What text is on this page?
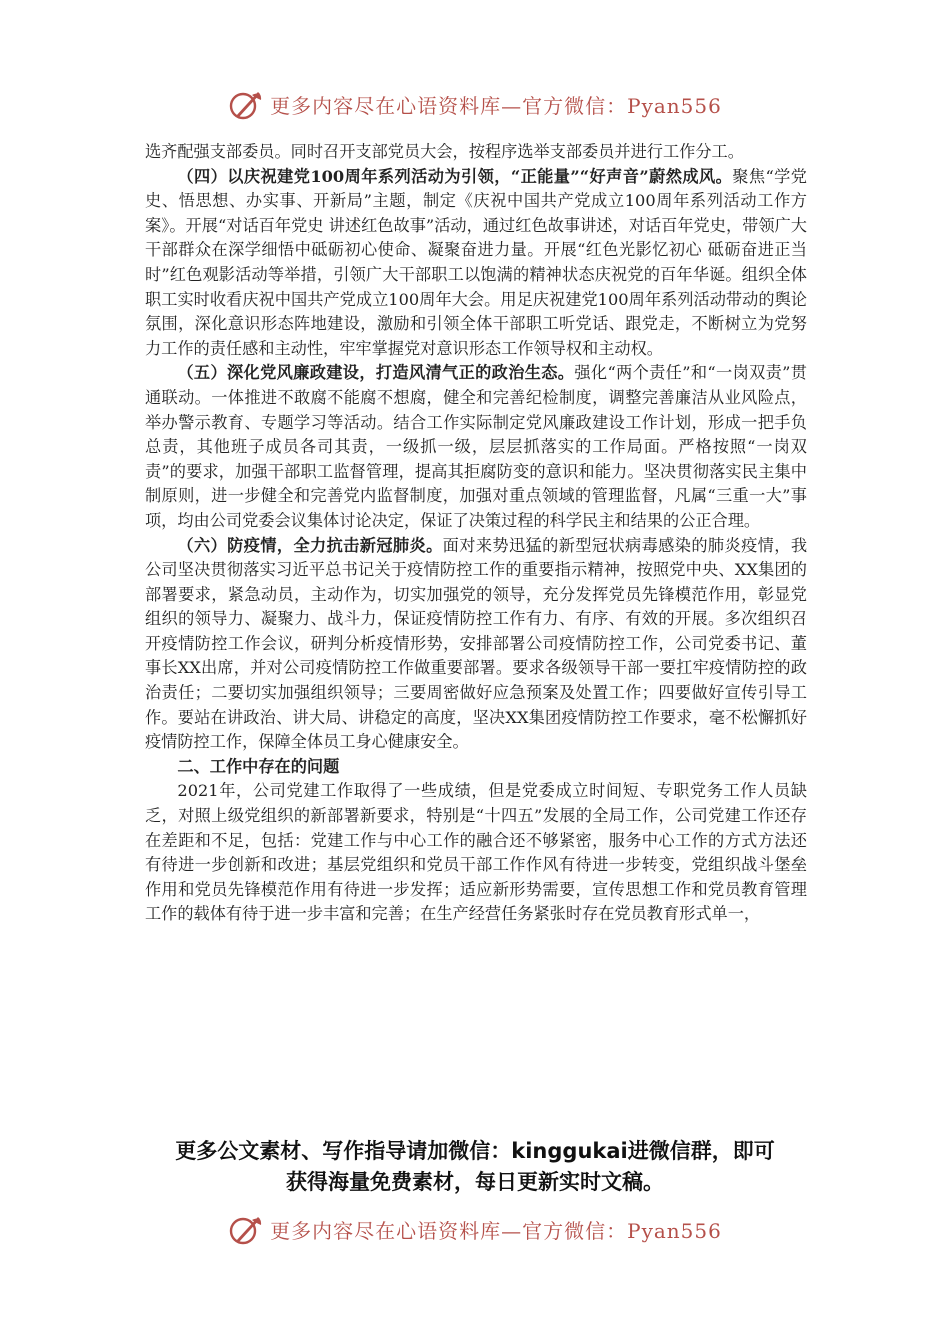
更多内容尽在心语资料库—官方微信：Pyan556

选齐配强支部委员。同时召开支部党员大会，按程序选举支部委员并进行工作分工。

（四）以庆祝建党100周年系列活动为引领，“正能量”“好声音”蔚然成风。聚焦“学党史、悟思想、办实事、开新局”主题，制定《庆祝中国共产党成立100周年系列活动工作方案》。开展“对话百年党史 讲述红色故事”活动，通过红色故事讲述，对话百年党史，带领广大干部群众在深学细悟中砥砺初心使命、凝聚奋进力量。开展“红色光影忆初心 砥砺奋进正当时”红色观影活动等举措，引领广大干部职工以饱满的精神状态庆祝党的百年华诞。组织全体职工实时收看庆祝中国共产党成立100周年大会。用足庆祝建党100周年系列活动带动的舆论氛围，深化意识形态阵地建设，激励和引领全体干部职工听党话、跟党走，不断树立为党努力工作的责任感和主动性，牢牢掌握党对意识形态工作领导权和主动权。

（五）深化党风廉政建设，打造风清气正的政治生态。强化“两个责任”和“一岗双责”贯通联动。一体推进不敢腐不能腐不想腐，健全和完善纪检制度，调整完善廉洁从业风险点，举办警示教育、专题学习等活动。结合工作实际制定党风廉政建设工作计划，形成一把手负总责，其他班子成员各司其责，一级抓一级，层层抓落实的工作局面。严格按照“一岗双责”的要求，加强干部职工监督管理，提高其拒腐防变的意识和能力。坚决贯彻落实民主集中制原则，进一步健全和完善党内监督制度，加强对重点领域的管理监督，凡属“三重一大”事项，均由公司党委会议集体讨论决定，保证了决策过程的科学民主和结果的公正合理。

（六）防疫情，全力抗击新冠肺炎。面对来势迅猛的新型冠状病毒感染的肺炎疫情，我公司坚决贯彻落实习近平总书记关于疫情防控工作的重要指示精神，按照党中央、XX集团的部署要求，紧急动员，主动作为，切实加强党的领导，充分发挥党员先锋模范作用，彰显党组织的领导力、凝聚力、战斗力，保证疫情防控工作有力、有序、有效的开展。多次组织召开疫情防控工作会议，研判分析疫情形势，安排部署公司疫情防控工作，公司党委书记、董事长XX出席，并对公司疫情防控工作做重要部署。要求各级领导干部一要扛牢疫情防控的政治责任；二要切实加强组织领导；三要周密做好应急预案及处置工作；四要做好宣传引导工作。要站在讲政治、讲大局、讲稳定的高度，坚决XX集团疫情防控工作要求，毫不松懈抓好疫情防控工作，保障全体员工身心健康安全。

二、工作中存在的问题

2021年，公司党建工作取得了一些成绩，但是党委成立时间短、专职党务工作人员缺乏，对照上级党组织的新部署新要求，特别是“十四五”发展的全局工作，公司党建工作还存在差距和不足，包括：党建工作与中心工作的融合还不够紧密，服务中心工作的方式方法还有待进一步创新和改进；基层党组织和党员干部工作作风有待进一步转变，党组织战斗堡垒作用和党员先锋模范作用有待进一步发挥；适应新形势需要，宣传思想工作和党员教育管理工作的载体有待于进一步丰富和完善；在生产经营任务紧张时存在党员教育形式单一，

更多公文素材、写作指导请加微信：kinggukai进微信群，即可

获得海量免费素材，每日更新实时文稿。

更多内容尽在心语资料库—官方微信：Pyan556
